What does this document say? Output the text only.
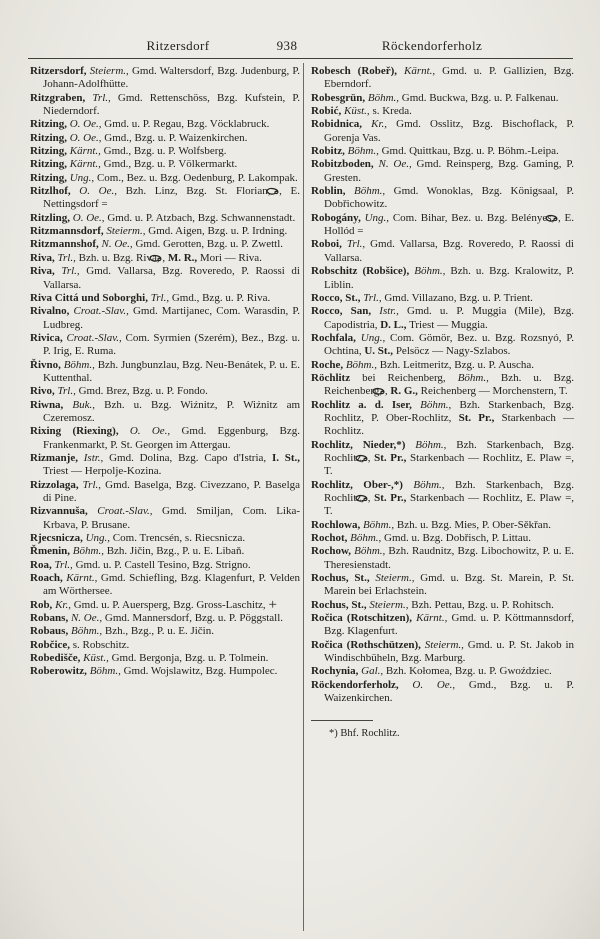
Ritzersdorf	938	Röckendorferholz

Ritzersdorf, Steierm., Gmd. Waltersdorf, Bzg. Judenburg, P. Johann-Adolfhütte.

Ritzgraben, Trl., Gmd. Rettenschöss, Bzg. Kufstein, P. Niederndorf.

Ritzing, O. Oe., Gmd. u. P. Regau, Bzg. Vöcklabruck.

Ritzing, O. Oe., Gmd., Bzg. u. P. Waizenkirchen.

Ritzing, Kärnt., Gmd., Bzg. u. P. Wolfsberg.

Ritzing, Kärnt., Gmd., Bzg. u. P. Völkermarkt.

Ritzing, Ung., Com., Bez. u. Bzg. Oedenburg, P. Lakompak.

Ritzlhof, O. Oe., Bzh. Linz, Bzg. St. Florian, , E. Nettingsdorf =

Ritzling, O. Oe., Gmd. u. P. Atzbach, Bzg. Schwannenstadt.

Ritzmannsdorf, Steierm., Gmd. Aigen, Bzg. u. P. Irdning.

Ritzmannshof, N. Oe., Gmd. Gerotten, Bzg. u. P. Zwettl.

Riva, Trl., Bzh. u. Bzg. Riva, , M. R., Mori — Riva.

Riva, Trl., Gmd. Vallarsa, Bzg. Roveredo, P. Raossi di Vallarsa.

Riva Cittá und Soborghi, Trl., Gmd., Bzg. u. P. Riva.

Rivalno, Croat.-Slav., Gmd. Martijanec, Com. Warasdin, P. Ludbreg.

Rivica, Croat.-Slav., Com. Syrmien (Szerém), Bez., Bzg. u. P. Irig, E. Ruma.

Řivno, Böhm., Bzh. Jungbunzlau, Bzg. Neu-Benátek, P. u. E. Kuttenthal.

Rivo, Trl., Gmd. Brez, Bzg. u. P. Fondo.

Riwna, Buk., Bzh. u. Bzg. Wiźnitz, P. Wiźnitz am Czeremosz.

Rixing (Riexing), O. Oe., Gmd. Eggenburg, Bzg. Frankenmarkt, P. St. Georgen im Attergau.

Rizmanje, Istr., Gmd. Dolina, Bzg. Capo d'Istria, I. St., Triest — Herpolje-Kozina.

Rizzolaga, Trl., Gmd. Baselga, Bzg. Civezzano, P. Baselga di Pine.

Rizvannuša, Croat.-Slav., Gmd. Smiljan, Com. Lika-Krbava, P. Brusane.

Rjecsnicza, Ung., Com. Trencsén, s. Riecsnicza.

Řmenin, Böhm., Bzh. Jičin, Bzg., P. u. E. Libaň.

Roa, Trl., Gmd. u. P. Castell Tesino, Bzg. Strigno.

Roach, Kärnt., Gmd. Schiefling, Bzg. Klagenfurt, P. Velden am Wörthersee.

Rob, Kr., Gmd. u. P. Auersperg, Bzg. Gross-Laschitz, +

Robans, N. Oe., Gmd. Mannersdorf, Bzg. u. P. Pöggstall.

Robaus, Böhm., Bzh., Bzg., P. u. E. Jičin.

Robčice, s. Robschitz.

Robedišče, Küst., Gmd. Bergonja, Bzg. u. P. Tolmein.

Roberowitz, Böhm., Gmd. Wojslawitz, Bzg. Humpolec.

Robesch (Robeř), Kärnt., Gmd. u. P. Gallizien, Bzg. Eberndorf.

Robesgrün, Böhm., Gmd. Buckwa, Bzg. u. P. Falkenau.

Robić, Küst., s. Kreda.

Robidnica, Kr., Gmd. Osslitz, Bzg. Bischoflack, P. Gorenja Vas.

Robitz, Böhm., Gmd. Quittkau, Bzg. u. P. Böhm.-Leipa.

Robitzboden, N. Oe., Gmd. Reinsperg, Bzg. Gaming, P. Gresten.

Roblin, Böhm., Gmd. Wonoklas, Bzg. Königsaal, P. Dobřichowitz.

Robogány, Ung., Com. Bihar, Bez. u. Bzg. Belényes, , E. Hollód =

Roboi, Trl., Gmd. Vallarsa, Bzg. Roveredo, P. Raossi di Vallarsa.

Robschitz (Robšice), Böhm., Bzh. u. Bzg. Kralowitz, P. Liblin.

Rocco, St., Trl., Gmd. Villazano, Bzg. u. P. Trient.

Rocco, San, Istr., Gmd. u. P. Muggia (Mile), Bzg. Capodistria, D. L., Triest — Muggia.

Rochfala, Ung., Com. Gömör, Bez. u. Bzg. Rozsnyó, P. Ochtina, U. St., Pelsöcz — Nagy-Szlabos.

Roche, Böhm., Bzh. Leitmeritz, Bzg. u. P. Auscha.

Röchlitz bei Reichenberg, Böhm., Bzh. u. Bzg. Reichenberg, , R. G., Reichenberg — Morchenstern, T.

Rochlitz a. d. Iser, Böhm., Bzh. Starkenbach, Bzg. Rochlitz, P. Ober-Rochlitz, St. Pr., Starkenbach — Rochlitz.

Rochlitz, Nieder,*) Böhm., Bzh. Starkenbach, Bzg. Rochlitz, , St. Pr., Starkenbach — Rochlitz, E. Plaw =, T.

Rochlitz, Ober-,*) Böhm., Bzh. Starkenbach, Bzg. Rochlitz, , St. Pr., Starkenbach — Rochlitz, E. Plaw =, T.

Rochlowa, Böhm., Bzh. u. Bzg. Mies, P. Ober-Sěkřan.

Rochot, Böhm., Gmd. u. Bzg. Dobřisch, P. Littau.

Rochow, Böhm., Bzh. Raudnitz, Bzg. Libochowitz, P. u. E. Theresienstadt.

Rochus, St., Steierm., Gmd. u. Bzg. St. Marein, P. St. Marein bei Erlachstein.

Rochus, St., Steierm., Bzh. Pettau, Bzg. u. P. Rohitsch.

Ročica (Rotschitzen), Kärnt., Gmd. u. P. Köttmannsdorf, Bzg. Klagenfurt.

Ročica (Rothschützen), Steierm., Gmd. u. P. St. Jakob in Windischbüheln, Bzg. Marburg.

Rochynia, Gal., Bzh. Kołomea, Bzg. u. P. Gwoździec.

Röckendorferholz, O. Oe., Gmd., Bzg. u. P. Waizenkirchen.

*) Bhf. Rochlitz.
